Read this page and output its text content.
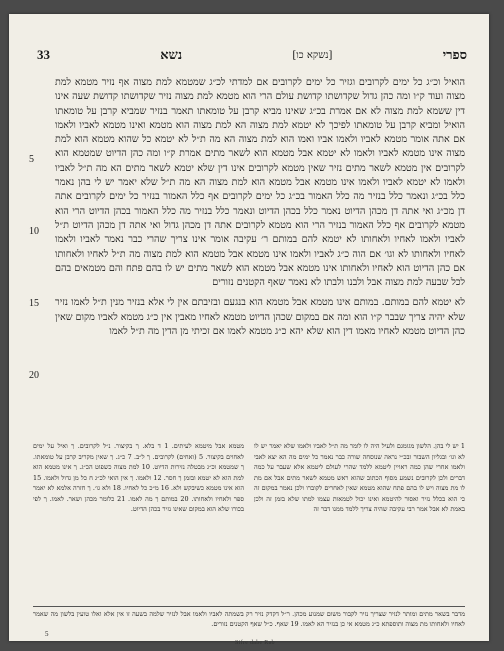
ספרי
[נשקא כו]
נשא
33

הואיל וכ״ג כל ימים לקרובים וגזיר כל ימים לקרובים אם למדתי לכ״ג שמטמא למת מצוה אף נזיר מטמא למת מצוה ועוד ק״ו ומה כהן גדול שקדושתו קדושת עולם הרי הוא מטמא למת מצוה נזיר שקדושתו קדושת שעה אינו דין ששמא למת מצוה לא אם אמרת בכ״ג שאינו מביא קרבן על טומאתו תאמר בנזיר שמביא קרבן על טומאתו הואיל ומביא קרבן על טומאתו לפיכך לא יטמא למת מצוה הא למת מצוה הוא מטמא ואינו מטמא לאביו ולאמו אם אתה אומר מטמא לאביו ולאמו אביו ואמו הוא למת מצוה הא מה ת״ל לא יטמא כל שהוא מטמא הוא למת מצוה אינו מטמא לאביו ולאמו לא יטמא אבל מטמא הוא לשאר מתים אמרת ק״ו ומה כהן הדיוט שמטמא הוא לקרובים אין מטמא לשאר מתים נזיר שאין מטמא לקרובים אינו דין שלא יטמא לשאר מתים הא מה ת״ל לאביו ולאמו לא יטמא לאביו ולאמו אינו מטמא אבל מטמא הוא למת מצוה הא מה ת״ל שלא יאמר יש לי בהן נאמר כלל בכ״ג ונאמר כלל בנזיר מה כלל האמור בכ״ג כל ימים לקרובים אף כלל האמור בנזיר כל ימים לקרובים אתה דן מכ״ג ואי אתה דן מכהן הדיוט נאמר כלל בכהן הדיוט ונאמר כלל בנזיר מה כלל האמור בכהן הדיוט הרי הוא מטמא לקרובים אף כלל האמור בנזיר הרי הוא מטמא לקרובים אתה דן מכהן גדול ואי אתה דן מכהן הדיוט ת״ל לאביו ולאמו לאחיו ולאחותו לא יטמא להם במותם ר׳ עקיבה אומר אינו צריך שהרי כבר נאמר לאביו ולאמו לאחיו ולאחותו לא וגו׳ אם הוה כ״ג לאביו ולאמו אינו מטמא אבל מטמא הוא למת מצוה מה ת״ל לאחיו ולאחותו אם כהן הדיוט הוא לאחיו ולאחותו אינו מטמא אבל מטמא הוא לשאר מתים יש לו בהם פתח והם מטמאים בהם לכל שבעה למת מצוה אבל ולבנו ולבתו לא נאמר שאף הקטנים נזורים

לא יטמא להם במותם. במותם אינו מטמא אבל מטמא הוא בנגעם ובזיבתם אין לי אלא בנזיר מנין ת״ל לאמו נזיר שלא יהיה צריך שבבר ק״ו הוא ומה אם במקום שכהן הדיוט מטמא לאחיו מאבין אין כ״ג מטמא לאביו מקום שאין כהן הדיוט מטמא לאחיו מאמו דין הוא שלא יהא כ״ג מטמא לאמו אם זכיתי מן הדין מה ת״ל לאמו

5
10
15
20

1 יש לי בהן. הלשון מגומגם ולעיל היה לו לומר מה ת״ל לאביו ולאמו שלא יאמר יש לו לא וגו׳ ובגליון השבור ובכ״י נראה שנוסחה שורה כבר נאמר כל ימים מה הא יצא לאבי ולאמו אחרי שהן כמה ראויין ליטמא ללמד שהרי לעולם ליטמא אלא שעבר על כמה דברים ולכן לקרובים נשמע מסוף הכתוב שהוא ראש מטמא לשאר מתים אבל אם מת לו מת מצוה ויש לו בהם פתח שהוא מטמא שאין לאחרים לקוברו ולכן נאמר במקום זה כי הוא בכלל נזיר ואסור להיטמא ואינו יכול לטמאות עצמו למתו שלא בזמן זה ולכן באמת לא אבל אמר רבי עקיבה שהיה צריך ללמד ממנו דבר זה

מטמא אבל מיטמא לעיתים. 1 ד בלא. ך בקיצור. נ״ל לקרובים. ך ואיל על ימים לאחוים בקיצור. 5 (ואחים) לקרובים. ך ל״ב. 7 כ״ג. ך שאין מקריב קרבן על טומאתו. ך שמטמא וכ״ג מבטלה נזירות הדיוט. 10 למת מצוה כשפוט הכ״ג. ך אינו מטמא הוא למת הוא לא יטמא ובזמן ך חסר. 12 ולאמו. ך אין הואי לכ״ג ח כל מן גדול ולאמו. 15 הוא אינו מטמא כשיבקש ולא. 16 מ״כ כל לאחיו. 18 ולא גו׳. ך חזרה אלמא לא יאמר ספר ולאחיו ולאחותו. 20 במותם ך מה לאמו. 21 כלומר מכהן ושאר. לאמו. ך לפי בכורו שלא הוא במקום שאינו נזיר בכהן הדיוט.

מדבר בשאר מתים ומותר לנזיר שצריך נזיר לקבור משום שמנוע מכהן. ר״ל דקדק נזיר רק בשמתה לאביו ולאמו אבל לנזיר שלמה בשעה זו אין אלא ואלו טועין בלשון מה שאמר לאחיו ולאחותו מת מצוה ותוספתא כ״ג מטמא אי כן בנזיר הא לאמו. 19 שאף. כ״ל שאף הקטנים נזורים.
5
Sifre dabe Rab
